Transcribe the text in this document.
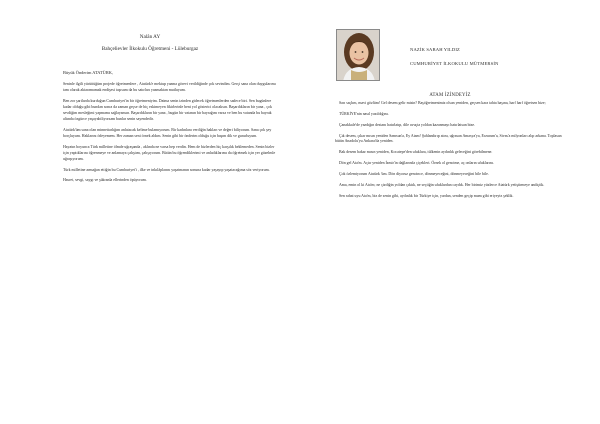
Nalân AY
Bahçelievler İlkokulu Öğretmeni - Lüleburgaz

Büyük Önderim ATATÜRK,

Seninle ilgili yürüttüğüm projede öğretmenlere , Atatürk'e mektup yazma görevi verildiğinde çok sevindim. Gerçi sana olan duygularımı tam olarak aktaramamak endişesi taşısam da bu satırları yazmaktan mutluyum.

Ben zor şartlarda kurduğun Cumhuriyet'in bir öğretmeniyim. Daima senin izinden gidecek öğretmenlerden sadece biri. Sen bugünlere kadar olduğu gibi bundan sonra da zaman geçse de hiç eskimeyen fikirlerinle beni yol gösterici olacaksın. Başardıkların bir yana , çok sevdiğim mesleğimi yapmamı sağlayansın. Başardıkların bir yana , bugün bir vatanın bir bayrağım varsa ve ben bu vatanda bu bayrak altında özgürce yaşayabiliyorsam bunlar senin sayendedir.

Atatürk'üm sana olan minnettarlığım anlatacak kelime bulamıyorum. Bir kadınlara verdiğin hakları ve değeri biliyorum. Sana çok şey borçluyum. Haklarını ödeyemem. Her zaman seni örnek aldım. Senin gibi bir önderim olduğu için başım dik ve gururluyum.

Hayatın boyunca Türk milletine ölmde uğraşanda , aklında ne varsa hep verdin. Hem de bizlerden hiç karşılık beklemeden. Senin bizler için yaptıklarını öğrenmeye ve anlamaya çalıştım, çalışıyorum. Bütün bu öğrendiklerimi ve anladıklarımı da öğretmek için yer güzelmle uğraşıyorum.

Türk milletine armağan ettiğin bu Cumhuriyet'i , ilke ve inkılâplarını yaşatmanın sonuna kadar yaşayıp yaşatacağıma söz veriyorum.

Hasret, sevgi, saygı ve şükranla ellerinden öpüyorum.

NAZİK SABAH YILDIZ
CUMHURİYET İLKOKULU MÜTMERSİN
ATAM İZİNDEYİZ

Sarı saçlım, mavi gözlüm! Gel desem gelir misin? Başöğretmenimiz olsan yeniden, geçsen kara tahta başına, harf harf öğretsen bize;

TÜRKİYE'nin nasıl yazıldığını.

Çanakkale'de yazdığın destanı hatırlatıp, dile avuçta yoldan kazanmayı hatırlatsan bize.

Çık desem, çıkar mısın yeniden Samsun'a, Ey Atam! Şahlandırıp atını, uğrasan Amasya'ya, Erzurum'a, Sivas'a milyonları alıp arkana. Toplasan bütün Anadolu'yu Ankara'da yeniden.

Bak desem bakar mısın yeniden, Kocatepe'den ufuklara, tülkenin aydınlık geleceğini görebilmene.

Dön gel Ata'm. Açtır yeniden İzmir'in dağlarında çiçekleri. Örnek ol gencime, aç onların ufuklarını.

Çok özlemiyorum Atatürk 'üm. Dön diyoruz gencince, dönmeyeceğini, dönmeyeceğini bile bile.

Ama, emin ol ki Ata'm; ne çizdiğin yoldan çıktık, ne seçtiğin ufuklardan caydık. Her birimiz yüzlerce Atatürk yetiştirmeye andiçtik.

Sen rahat uyu Ata'm, biz de senin gibi, aydınlık bir Türkiye için, yardan, senden geçip mum gibi eriyeyiz şeklik.
